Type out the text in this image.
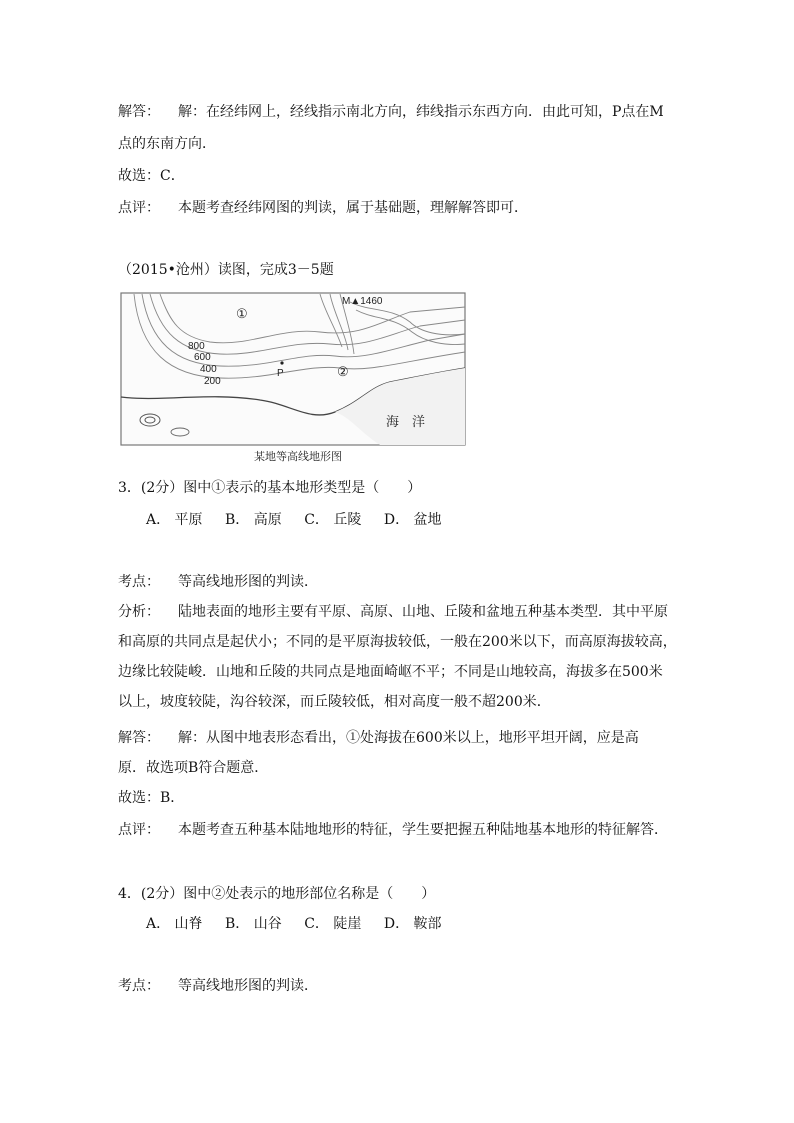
解答： 解：在经纬网上，经线指示南北方向，纬线指示东西方向．由此可知，P点在M
点的东南方向．
故选：C．
点评： 本题考查经纬网图的判读，属于基础题，理解解答即可．
（2015•沧州）读图，完成3－5题
①
M▲1460
800
600
400
200
P	②
海 洋
某地等高线地形图
3．(2分）图中①表示的基本地形类型是（　　）
A． 平原 B． 高原 C． 丘陵 D． 盆地
考点： 等高线地形图的判读．
分析： 陆地表面的地形主要有平原、高原、山地、丘陵和盆地五种基本类型．其中平原
和高原的共同点是起伏小；不同的是平原海拔较低，一般在200米以下，而高原海拔较高，
边缘比较陡峻．山地和丘陵的共同点是地面崎岖不平；不同是山地较高，海拔多在500米
以上，坡度较陡，沟谷较深，而丘陵较低，相对高度一般不超200米．
解答： 解：从图中地表形态看出，①处海拔在600米以上，地形平坦开阔，应是高
原．故选项B符合题意．
故选：B．
点评： 本题考查五种基本陆地地形的特征，学生要把握五种陆地基本地形的特征解答．
4．(2分）图中②处表示的地形部位名称是（　　）
A． 山脊 B． 山谷 C． 陡崖 D． 鞍部
考点： 等高线地形图的判读．
